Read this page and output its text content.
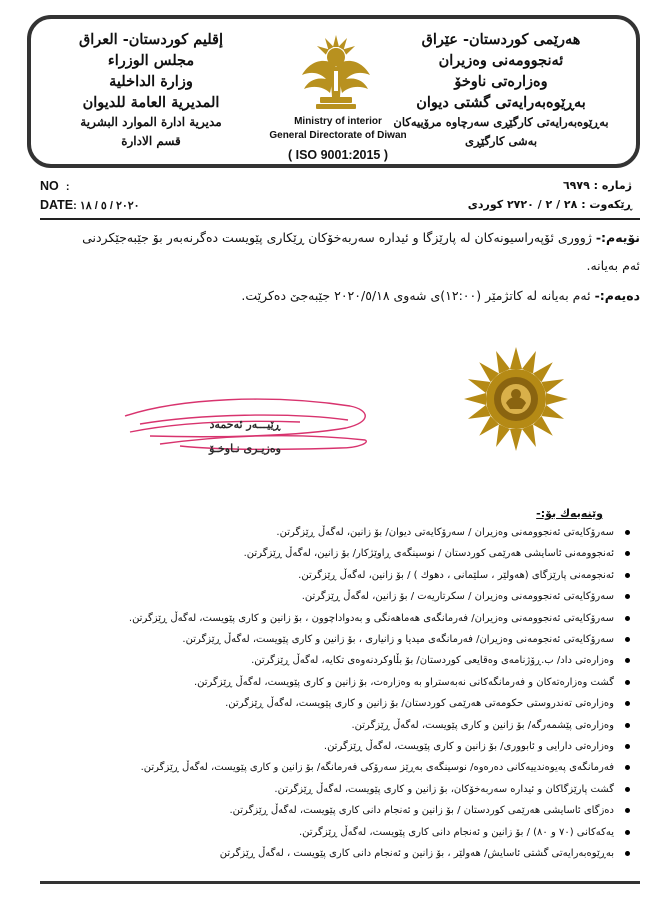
إقليم كوردستان- العراق
مجلس الوزراء
وزارة الداخلية
المديرية العامة للديوان
مديرية ادارة الموارد البشرية
قسم الادارة
Ministry of interior
General Directorate of Diwan
( ISO 9001:2015 )
هەرێمی کوردستان- عێراق
ئەنجوومەنی وەزیران
وەزارەتی ناوخۆ
بەڕێوەبەرایەتی گشتی دیوان
بەڕێوەبەرایەتی کارگێڕی سەرچاوە مرۆییەکان
بەشی کارگێڕی
NO :	ژمارە : ٦٩٧٩
DATE: ٢٠٢٠ / ٥ / ١٨	ڕێکەوت : ٢٨ / ٢ / ٢٧٢٠ کوردی
نۆیەم:- ژووری ئۆپەراسیونەکان لە پارێزگا و ئیدارە سەربەخۆکان ڕێکاری پێویست دەگرنەبەر بۆ جێبەجێکردنی
ئەم بەیانە.
دەیەم:- ئەم بەیانە لە کاتژمێر (١٢:٠٠)ی شەوی ٢٠٢٠/٥/١٨ جێبەجێ دەکرێت.
ڕێیـــەر ئەحمەد
وەزیـری نـاوخـۆ
وێنەیەك بۆ:-
سەرۆکایەتی ئەنجوومەنی وەزیران / سەرۆکایەتی دیوان/ بۆ زانین، لەگەڵ ڕێزگرتن.
ئەنجوومەنی ئاسایشی هەرێمی کوردستان / نوسینگەی ڕاوێژکار/ بۆ زانین، لەگەڵ ڕێزگرتن.
ئەنجومەنی پارێزگای (هەولێر ، سلێمانی ، دهوك ) / بۆ زانین، لەگەڵ ڕێزگرتن.
سەرۆکایەتی ئەنجوومەنی وەزیران / سکرتاریەت / بۆ زانین، لەگەڵ ڕێزگرتن.
سەرۆکایەتی ئەنجوومەنی وەزیران/ فەرمانگەی هەماهەنگی و بەدواداچوون ، بۆ زانین و کاری پێویست، لەگەڵ ڕێزگرتن.
سەرۆکایەتی ئەنجومەنی وەزیران/ فەرمانگەی میدیا و زانیاری ، بۆ زانین و کاری پێویست، لەگەڵ ڕێزگرتن.
وەزارەتی داد/ ب.ڕۆژنامەی وەقایعی کوردستان/ بۆ بڵاوکردنەوەی تکایە، لەگەڵ ڕێزگرتن.
گشت وەزارەتەکان و فەرمانگەکانی نەبەستراو بە وەزارەت، بۆ زانین و کاری پێویست، لەگەڵ ڕێزگرتن.
وەزارەتی تەندروستی حکومەتی هەرێمی کوردستان/ بۆ زانین و کاری پێویست، لەگەڵ ڕێزگرتن.
وەزارەتی پێشمەرگە/ بۆ زانین و کاری پێویست، لەگەڵ ڕێزگرتن.
وەزارەتی دارایی و ئابووری/ بۆ زانین و کاری پێویست، لەگەڵ ڕێزگرتن.
فەرمانگەی پەیوەندییەکانی دەرەوە/ نوسینگەی بەڕێز سەرۆکی فەرمانگە/ بۆ زانین و کاری پێویست، لەگەڵ ڕێزگرتن.
گشت پارێزگاکان و ئیدارە سەربەخۆکان، بۆ زانین و کاری پێویست، لەگەڵ ڕێزگرتن.
دەزگای ئاسایشی هەرێمی کوردستان / بۆ زانین و ئەنجام دانی کاری پێویست، لەگەڵ ڕێزگرتن.
یەکەکانی (٧٠ و ٨٠) / بۆ زانین و ئەنجام دانی کاری پێویست، لەگەڵ ڕێزگرتن.
بەڕێوەبەرایەتی گشتی ئاسایش/ هەولێر ، بۆ زانین و ئەنجام دانی کاری پێویست ، لەگەڵ ڕێزگرتن
